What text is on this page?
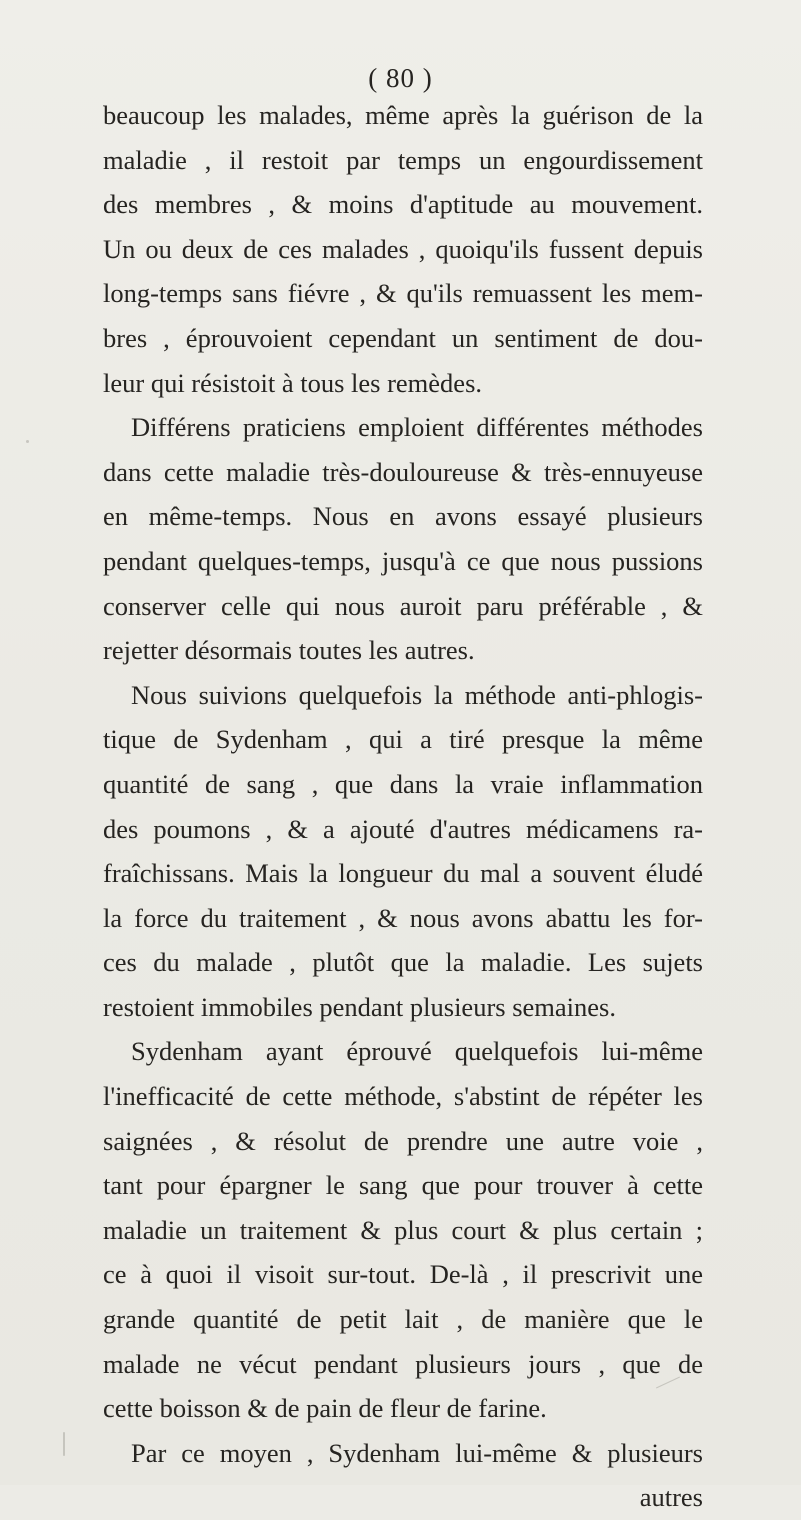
( 80 )
beaucoup les malades, même après la guérison de la
maladie , il restoit par temps un engourdissement
des membres , & moins d'aptitude au mouvement.
Un ou deux de ces malades , quoiqu'ils fussent depuis
long-temps sans fiévre , & qu'ils remuassent les mem-
bres , éprouvoient cependant un sentiment de dou-
leur qui résistoit à tous les remèdes.
Différens praticiens emploient différentes méthodes
dans cette maladie très-douloureuse & très-ennuyeuse
en même-temps. Nous en avons essayé plusieurs
pendant quelques-temps, jusqu'à ce que nous pussions
conserver celle qui nous auroit paru préférable , &
rejetter désormais toutes les autres.
Nous suivions quelquefois la méthode anti-phlogis-
tique de Sydenham , qui a tiré presque la même
quantité de sang , que dans la vraie inflammation
des poumons , & a ajouté d'autres médicamens ra-
fraîchissans. Mais la longueur du mal a souvent éludé
la force du traitement , & nous avons abattu les for-
ces du malade , plutôt que la maladie. Les sujets
restoient immobiles pendant plusieurs semaines.
Sydenham ayant éprouvé quelquefois lui-même
l'inefficacité de cette méthode, s'abstint de répéter les
saignées , & résolut de prendre une autre voie ,
tant pour épargner le sang que pour trouver à cette
maladie un traitement & plus court & plus certain ;
ce à quoi il visoit sur-tout. De-là , il prescrivit une
grande quantité de petit lait , de manière que le
malade ne vécut pendant plusieurs jours , que de
cette boisson & de pain de fleur de farine.
Par ce moyen , Sydenham lui-même & plusieurs
autres
